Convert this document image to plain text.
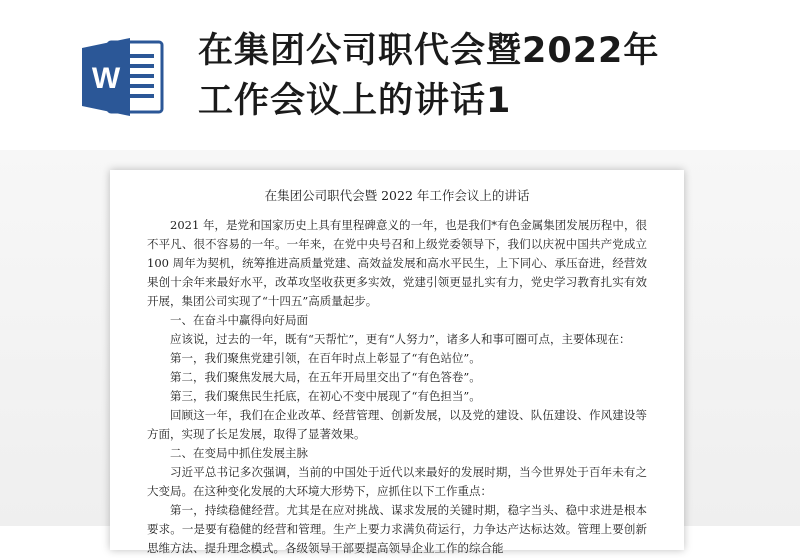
W
在集团公司职代会暨2022年
工作会议上的讲话1
在集团公司职代会暨 2022 年工作会议上的讲话

2021 年，是党和国家历史上具有里程碑意义的一年，也是我们*有色金属集团发展历程中，很不平凡、很不容易的一年。一年来，在党中央号召和上级党委领导下，我们以庆祝中国共产党成立 100 周年为契机，统筹推进高质量党建、高效益发展和高水平民生，上下同心、承压奋进，经营效果创十余年来最好水平，改革攻坚收获更多实效，党建引领更显扎实有力，党史学习教育扎实有效开展，集团公司实现了“十四五”高质量起步。

一、在奋斗中赢得向好局面

应该说，过去的一年，既有“天帮忙”，更有“人努力”，诸多人和事可圈可点，主要体现在：

第一，我们聚焦党建引领，在百年时点上彰显了“有色站位”。

第二，我们聚焦发展大局，在五年开局里交出了“有色答卷”。

第三，我们聚焦民生托底，在初心不变中展现了“有色担当”。

回顾这一年，我们在企业改革、经营管理、创新发展，以及党的建设、队伍建设、作风建设等方面，实现了长足发展，取得了显著效果。

二、在变局中抓住发展主脉

习近平总书记多次强调，当前的中国处于近代以来最好的发展时期，当今世界处于百年未有之大变局。在这种变化发展的大环境大形势下，应抓住以下工作重点：

第一，持续稳健经营。尤其是在应对挑战、谋求发展的关键时期，稳字当头、稳中求进是根本要求。一是要有稳健的经营和管理。生产上要力求满负荷运行，力争达产达标达效。管理上要创新思维方法、提升理念模式。各级领导干部要提高领导企业工作的综合能
